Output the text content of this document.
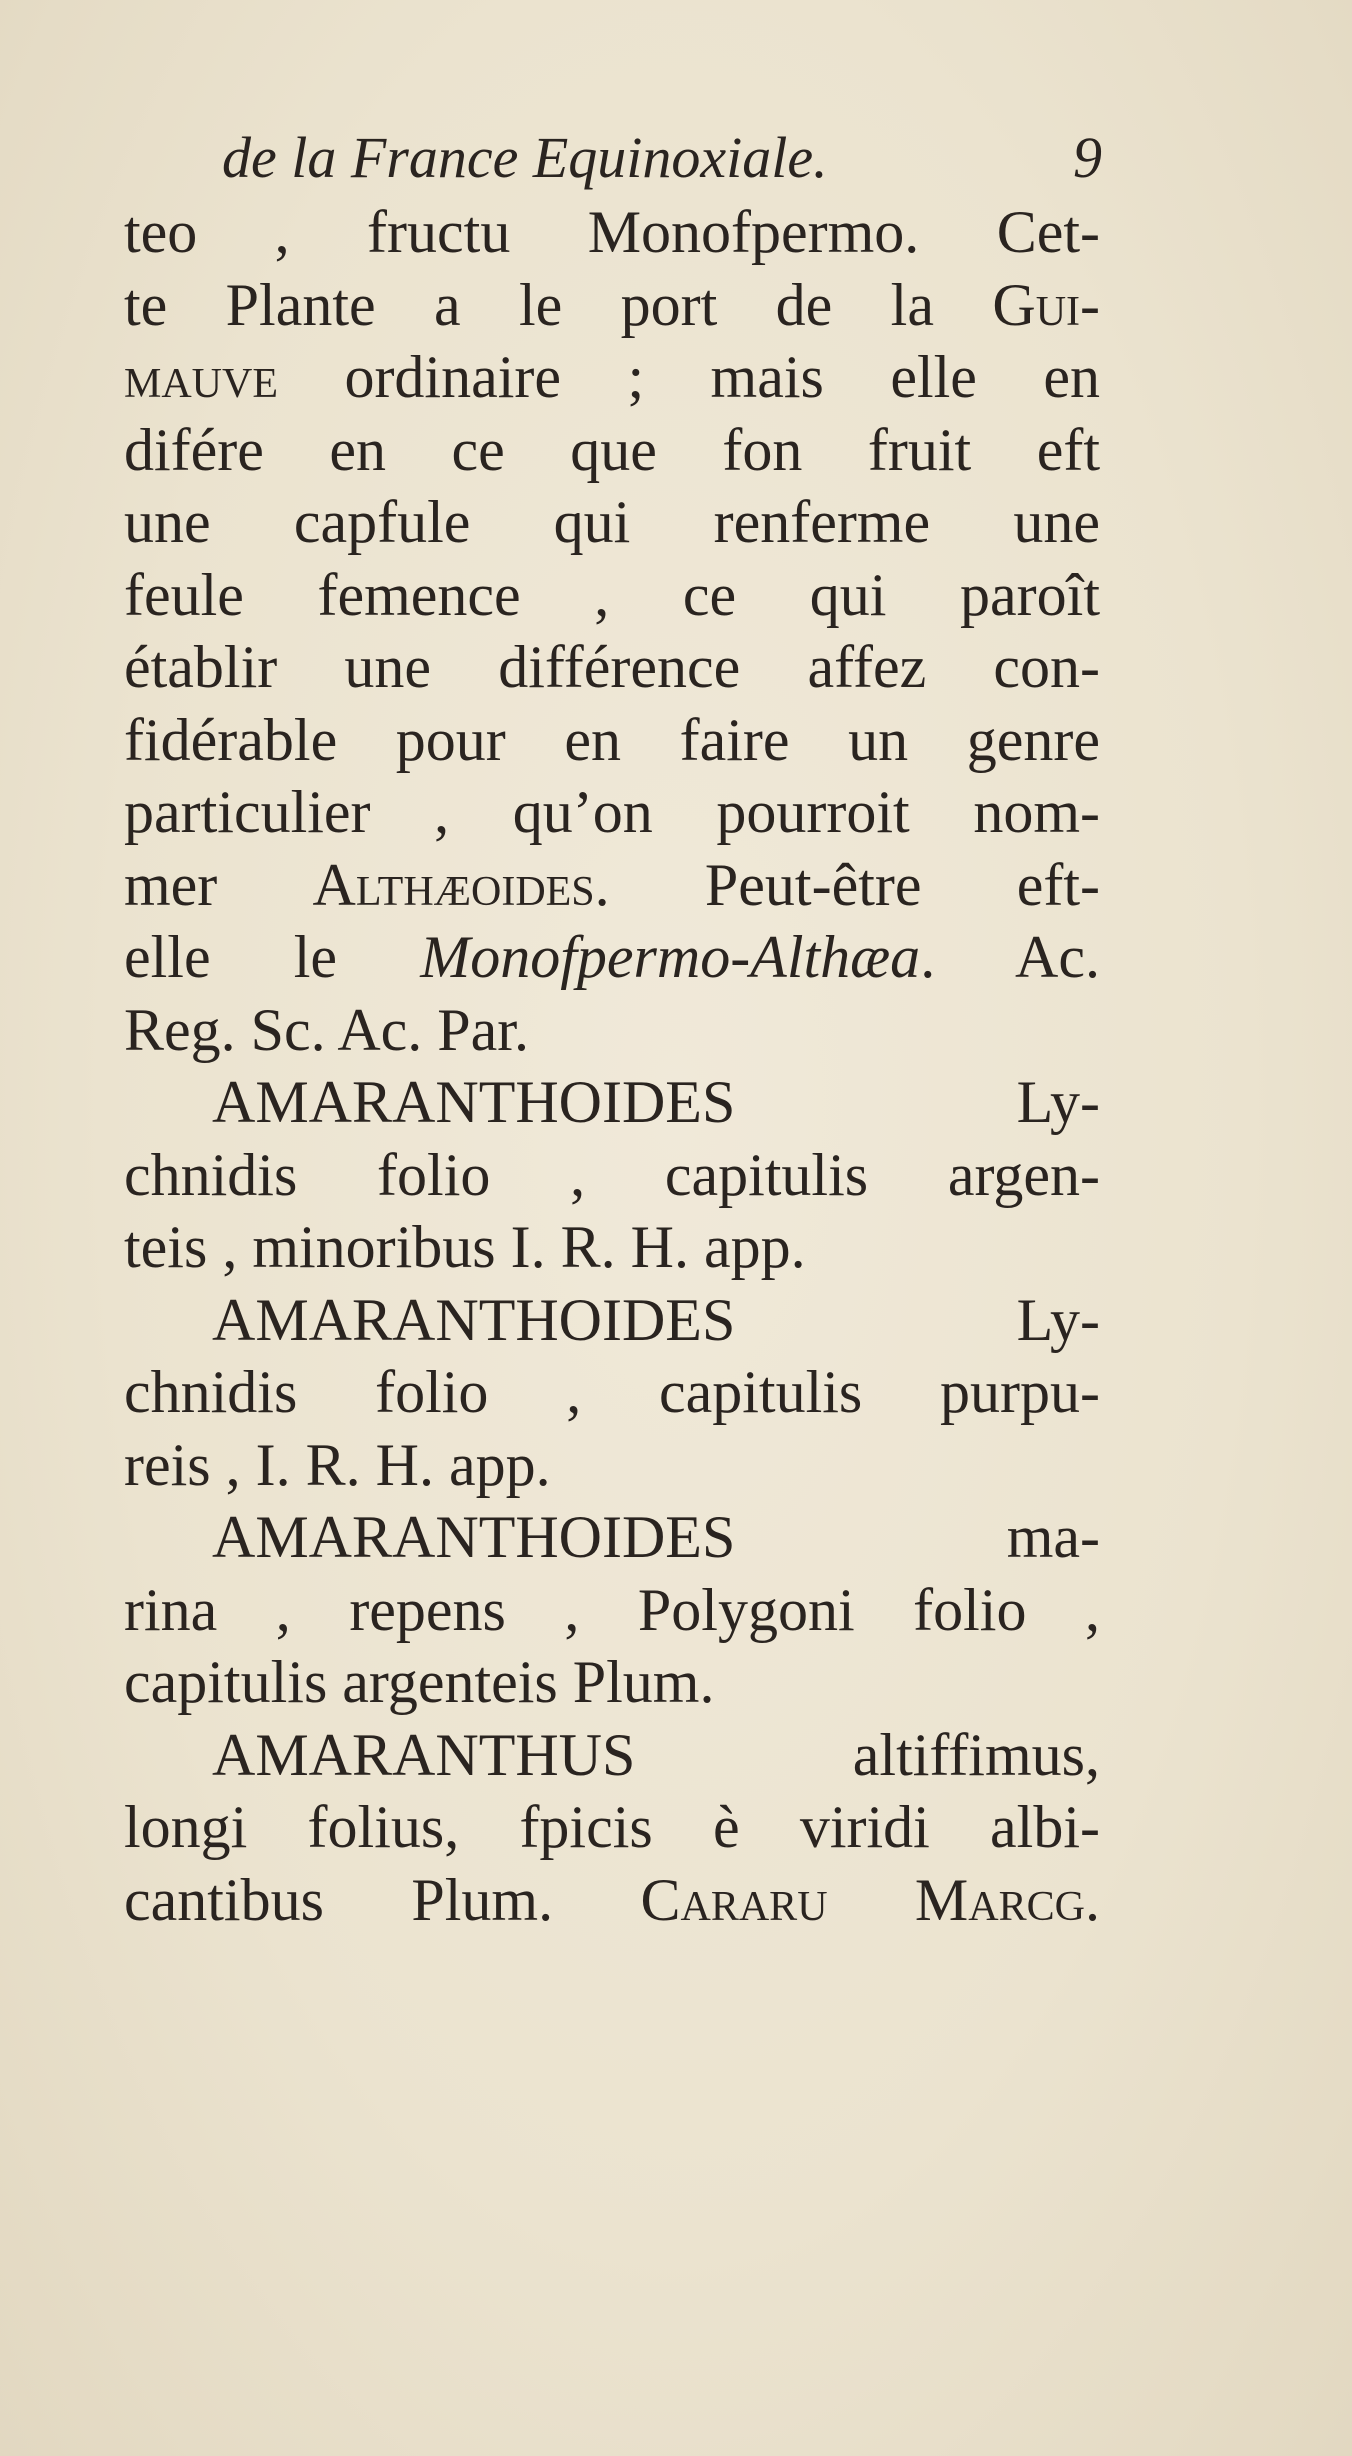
de la France Equinoxiale.	9
teo , fructu Monofpermo. Cet-
te Plante a le port de la Gui-
mauve ordinaire ; mais elle en
difére en ce que fon fruit eft
une capfule qui renferme une
feule femence , ce qui paroît
établir une différence affez con-
fidérable pour en faire un genre
particulier , qu’on pourroit nom-
mer Althæoides. Peut-être eft-
elle le Monofpermo-Althæa. Ac.
Reg. Sc. Ac. Par.
AMARANTHOIDES Ly-
chnidis folio , capitulis argen-
teis , minoribus I. R. H. app.
AMARANTHOIDES Ly-
chnidis folio , capitulis purpu-
reis , I. R. H. app.
AMARANTHOIDES ma-
rina , repens , Polygoni folio ,
capitulis argenteis Plum.
AMARANTHUS altiffimus,
longi folius, fpicis è viridi albi-
cantibus Plum. Cararu Marcg.
